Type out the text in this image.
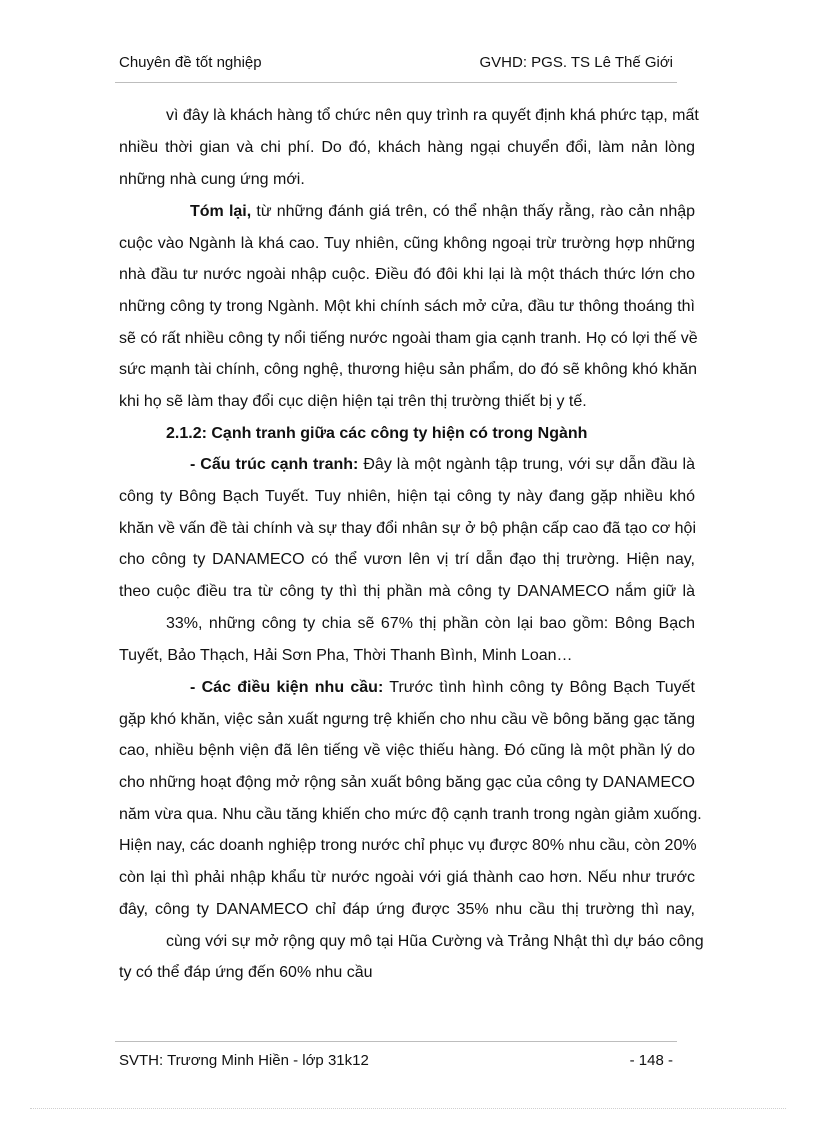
Chuyên đề tốt nghiệp	GVHD: PGS. TS Lê Thế Giới
vì đây là khách hàng tổ chức nên quy trình ra quyết định khá phức tạp, mất
nhiều thời gian và chi phí. Do đó, khách hàng ngại chuyển đổi, làm nản lòng
những nhà cung ứng mới.
Tóm lại, từ những đánh giá trên, có thể nhận thấy rằng, rào cản nhập
cuộc vào Ngành là khá cao. Tuy nhiên, cũng không ngoại trừ trường hợp những
nhà đầu tư nước ngoài nhập cuộc. Điều đó đôi khi lại là một thách thức lớn cho
những công ty trong Ngành. Một khi chính sách mở cửa, đầu tư thông thoáng thì
sẽ có rất nhiều công ty nổi tiếng nước ngoài tham gia cạnh tranh. Họ có lợi thế về
sức mạnh tài chính, công nghệ, thương hiệu sản phẩm, do đó sẽ không khó khăn
khi họ sẽ làm thay đổi cục diện hiện tại trên thị trường thiết bị y tế.
2.1.2: Cạnh tranh giữa các công ty hiện có trong Ngành
- Cấu trúc cạnh tranh: Đây là một ngành tập trung, với sự dẫn đầu là
công ty Bông Bạch Tuyết. Tuy nhiên, hiện tại công ty này đang gặp nhiều khó
khăn về vấn đề tài chính và sự thay đổi nhân sự ở bộ phận cấp cao đã tạo cơ hội
cho công ty DANAMECO có thể vươn lên vị trí dẫn đạo thị trường. Hiện nay,
theo cuộc điều tra từ công ty thì thị phần mà công ty DANAMECO nắm giữ là
33%, những công ty chia sẽ 67% thị phần còn lại bao gồm: Bông Bạch
Tuyết, Bảo Thạch, Hải Sơn Pha, Thời Thanh Bình, Minh Loan…
- Các điều kiện nhu cầu: Trước tình hình công ty Bông Bạch Tuyết
gặp khó khăn, việc sản xuất ngưng trệ khiến cho nhu cầu về bông băng gạc tăng
cao, nhiều bệnh viện đã lên tiếng về việc thiếu hàng. Đó cũng là một phần lý do
cho những hoạt động mở rộng sản xuất bông băng gạc của công ty DANAMECO
năm vừa qua. Nhu cầu tăng khiến cho mức độ cạnh tranh trong ngàn giảm xuống.
Hiện nay, các doanh nghiệp trong nước chỉ phục vụ được 80% nhu cầu, còn 20%
còn lại thì phải nhập khẩu từ nước ngoài với giá thành cao hơn. Nếu như trước
đây, công ty DANAMECO chỉ đáp ứng được 35% nhu cầu thị trường thì nay,
cùng với sự mở rộng quy mô tại Hũa Cường và Trảng Nhật thì dự báo công
ty có thể đáp ứng đến 60% nhu cầu
SVTH: Trương Minh Hiền - lớp 31k12	- 148 -
